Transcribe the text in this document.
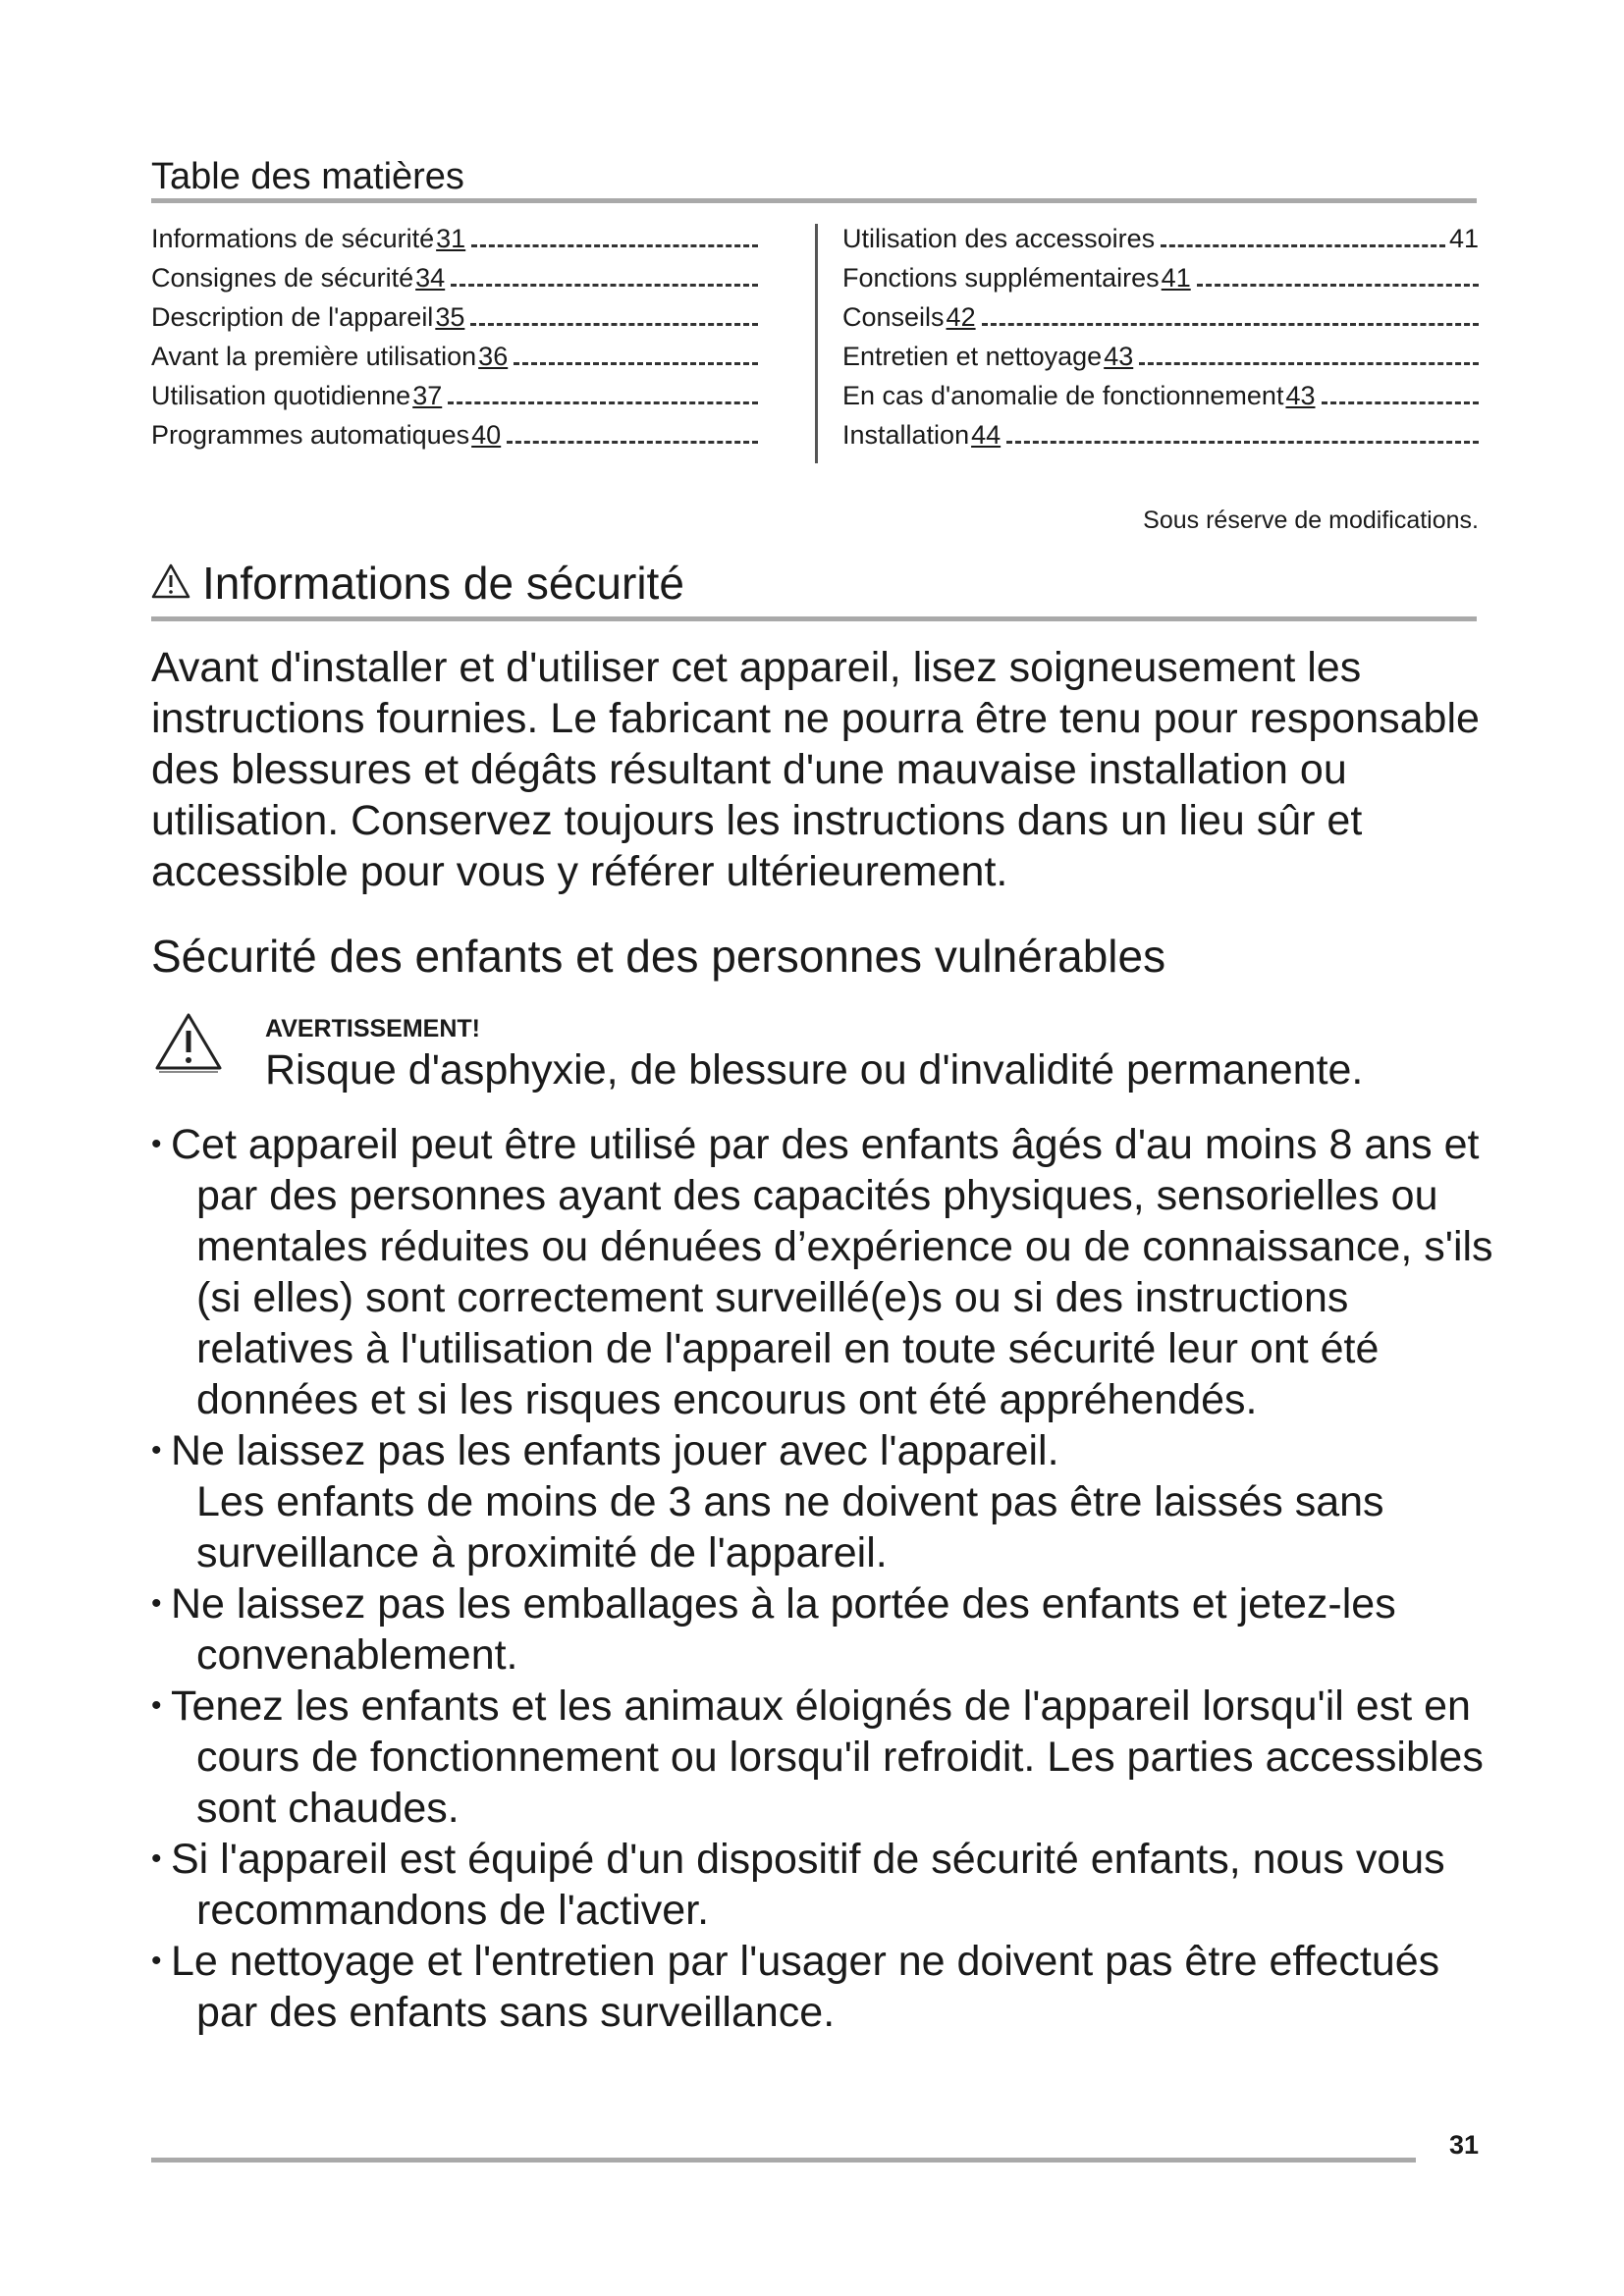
Table des matières
Informations de sécurité 31
Consignes de sécurité 34
Description de l'appareil 35
Avant la première utilisation 36
Utilisation quotidienne 37
Programmes automatiques 40
Utilisation des accessoires	41
Fonctions supplémentaires 41
Conseils 42
Entretien et nettoyage 43
En cas d'anomalie de fonctionnement 43
Installation 44
Sous réserve de modifications.
Informations de sécurité
Avant d'installer et d'utiliser cet appareil, lisez soigneusement les instructions fournies. Le fabricant ne pourra être tenu pour responsable des blessures et dégâts résultant d'une mauvaise installation ou utilisation. Conservez toujours les instructions dans un lieu sûr et accessible pour vous y référer ultérieurement.
Sécurité des enfants et des personnes vulnérables
AVERTISSEMENT!
Risque d'asphyxie, de blessure ou d'invalidité permanente.
• Cet appareil peut être utilisé par des enfants âgés d'au moins 8 ans et par des personnes ayant des capacités physiques, sensorielles ou mentales réduites ou dénuées d’expérience ou de connaissance, s'ils (si elles) sont correctement surveillé(e)s ou si des instructions relatives à l'utilisation de l'appareil en toute sécurité leur ont été données et si les risques encourus ont été appréhendés.
• Ne laissez pas les enfants jouer avec l'appareil.
Les enfants de moins de 3 ans ne doivent pas être laissés sans surveillance à proximité de l'appareil.
• Ne laissez pas les emballages à la portée des enfants et jetez-les convenablement.
• Tenez les enfants et les animaux éloignés de l'appareil lorsqu'il est en cours de fonctionnement ou lorsqu'il refroidit. Les parties accessibles sont chaudes.
• Si l'appareil est équipé d'un dispositif de sécurité enfants, nous vous recommandons de l'activer.
• Le nettoyage et l'entretien par l'usager ne doivent pas être effectués par des enfants sans surveillance.
31
